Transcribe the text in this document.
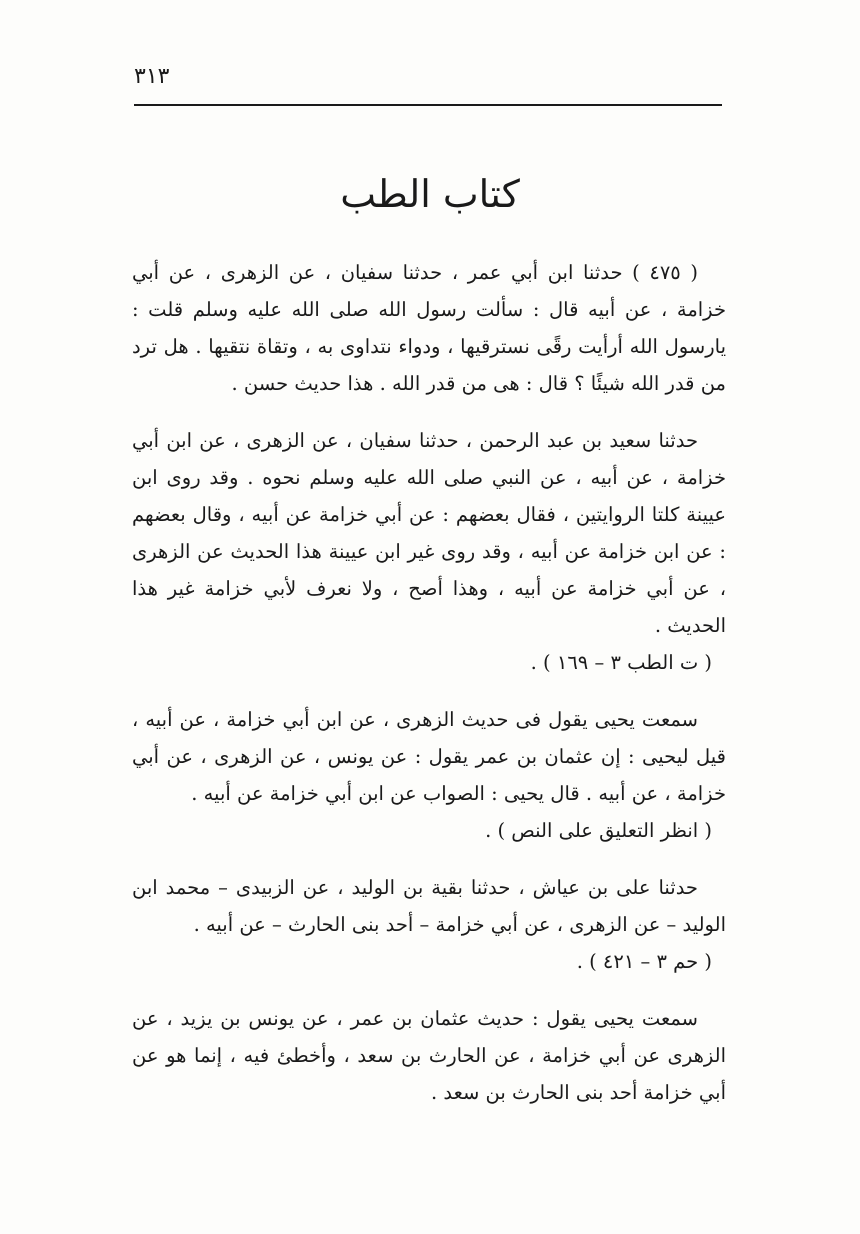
٣١٣
كتاب الطب

( ٤٧٥ ) حدثنا ابن أبي عمر ، حدثنا سفيان ، عن الزهرى ، عن أبي خزامة ، عن أبيه قال : سألت رسول الله صلى الله عليه وسلم قلت : يارسول الله أرأيت رقًى نسترقيها ، ودواء نتداوى به ، وتقاة نتقيها . هل ترد من قدر الله شيئًا ؟ قال : هى من قدر الله . هذا حديث حسن .

حدثنا سعيد بن عبد الرحمن ، حدثنا سفيان ، عن الزهرى ، عن ابن أبي خزامة ، عن أبيه ، عن النبي صلى الله عليه وسلم نحوه . وقد روى ابن عيينة كلتا الروايتين ، فقال بعضهم : عن أبي خزامة عن أبيه ، وقال بعضهم : عن ابن خزامة عن أبيه ، وقد روى غير ابن عيينة هذا الحديث عن الزهرى ، عن أبي خزامة عن أبيه ، وهذا أصح ، ولا نعرف لأبي خزامة غير هذا الحديث .
( ت الطب ٣ – ١٦٩ ) .

سمعت يحيى يقول فى حديث الزهرى ، عن ابن أبي خزامة ، عن أبيه ، قيل ليحيى : إن عثمان بن عمر يقول : عن يونس ، عن الزهرى ، عن أبي خزامة ، عن أبيه . قال يحيى : الصواب عن ابن أبي خزامة عن أبيه .
( انظر التعليق على النص ) .

حدثنا على بن عياش ، حدثنا بقية بن الوليد ، عن الزبيدى – محمد ابن الوليد – عن الزهرى ، عن أبي خزامة – أحد بنى الحارث – عن أبيه .
( حم ٣ – ٤٢١ ) .

سمعت يحيى يقول : حديث عثمان بن عمر ، عن يونس بن يزيد ، عن الزهرى عن أبي خزامة ، عن الحارث بن سعد ، وأخطئ فيه ، إنما هو عن أبي خزامة أحد بنى الحارث بن سعد .
